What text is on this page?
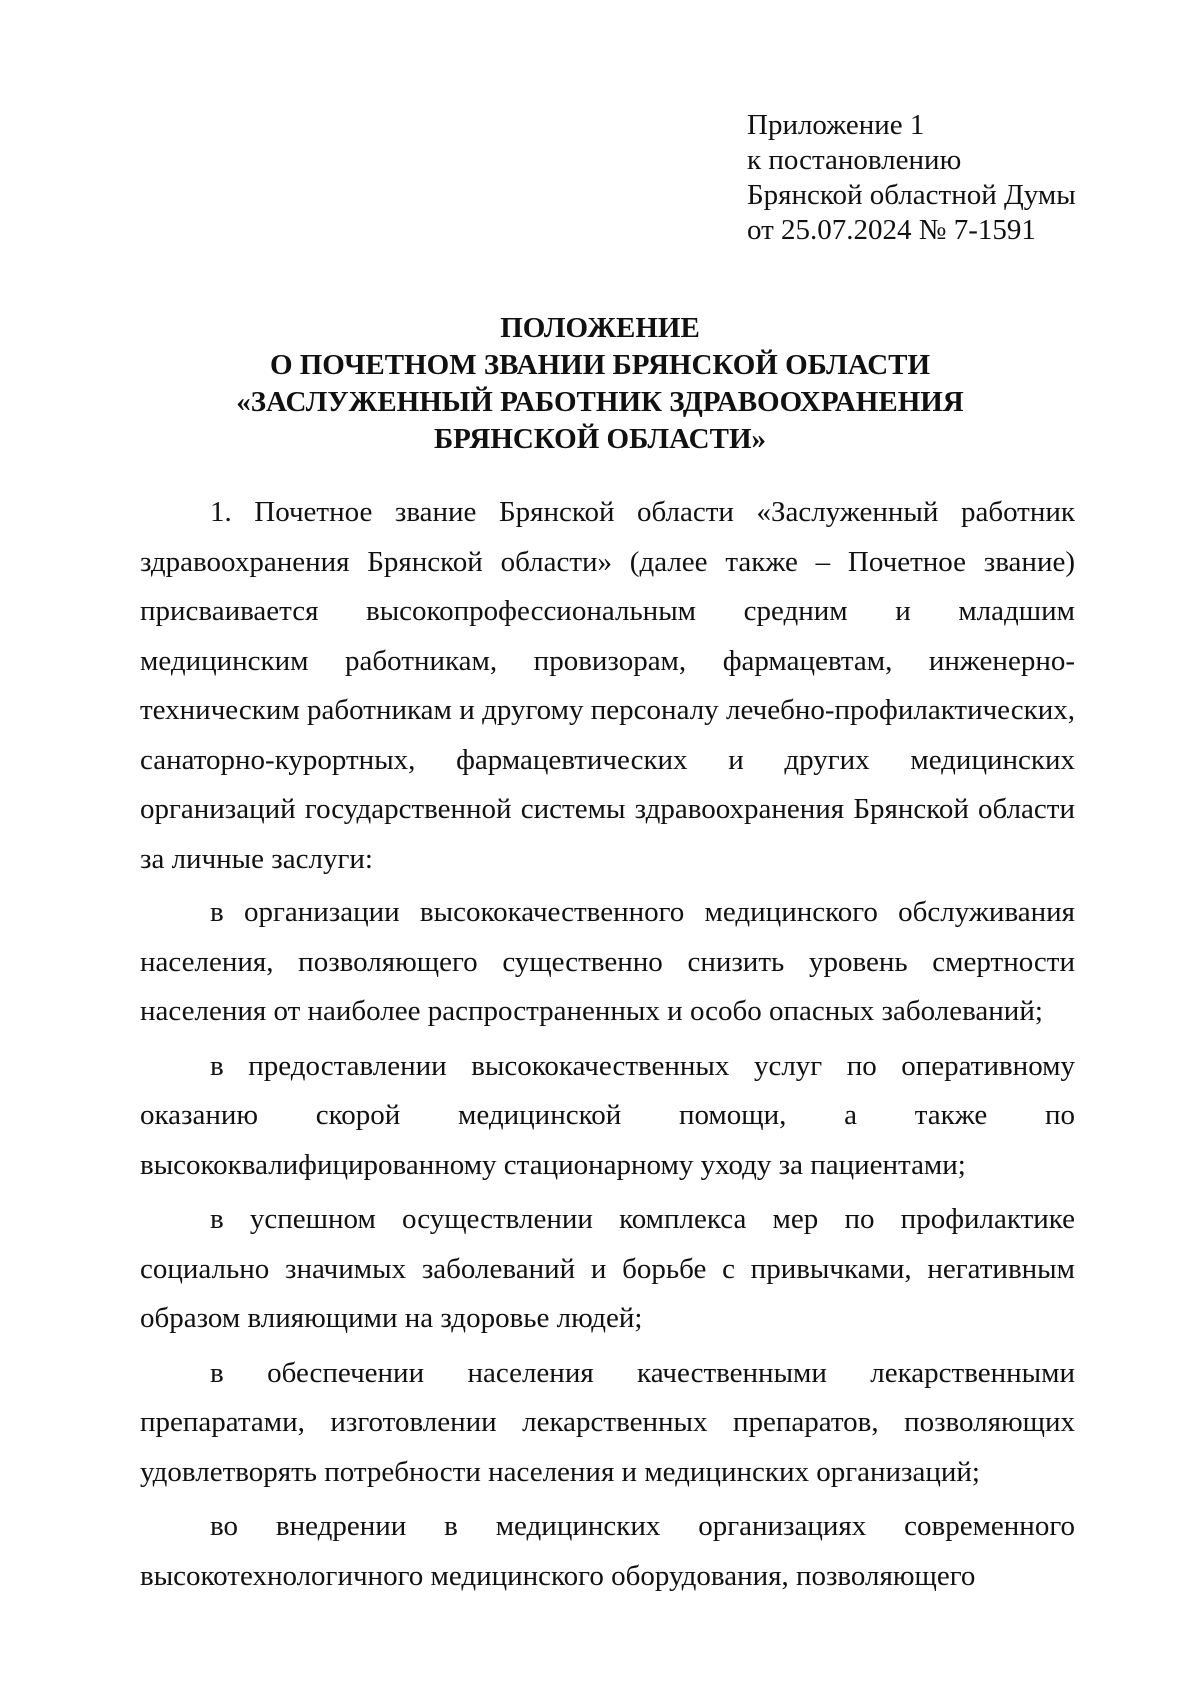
Приложение 1
к постановлению
Брянской областной Думы
от 25.07.2024 № 7-1591
ПОЛОЖЕНИЕ
О ПОЧЕТНОМ ЗВАНИИ БРЯНСКОЙ ОБЛАСТИ
«ЗАСЛУЖЕННЫЙ РАБОТНИК ЗДРАВООХРАНЕНИЯ
БРЯНСКОЙ ОБЛАСТИ»

1. Почетное звание Брянской области «Заслуженный работник здравоохранения Брянской области» (далее также – Почетное звание) присваивается высокопрофессиональным средним и младшим медицинским работникам, провизорам, фармацевтам, инженерно-техническим работникам и другому персоналу лечебно-профилактических, санаторно-курортных, фармацевтических и других медицинских организаций государственной системы здравоохранения Брянской области за личные заслуги:

в организации высококачественного медицинского обслуживания населения, позволяющего существенно снизить уровень смертности населения от наиболее распространенных и особо опасных заболеваний;

в предоставлении высококачественных услуг по оперативному оказанию скорой медицинской помощи, а также по высококвалифицированному стационарному уходу за пациентами;

в успешном осуществлении комплекса мер по профилактике социально значимых заболеваний и борьбе с привычками, негативным образом влияющими на здоровье людей;

в обеспечении населения качественными лекарственными препаратами, изготовлении лекарственных препаратов, позволяющих удовлетворять потребности населения и медицинских организаций;

во внедрении в медицинских организациях современного высокотехнологичного медицинского оборудования, позволяющего
